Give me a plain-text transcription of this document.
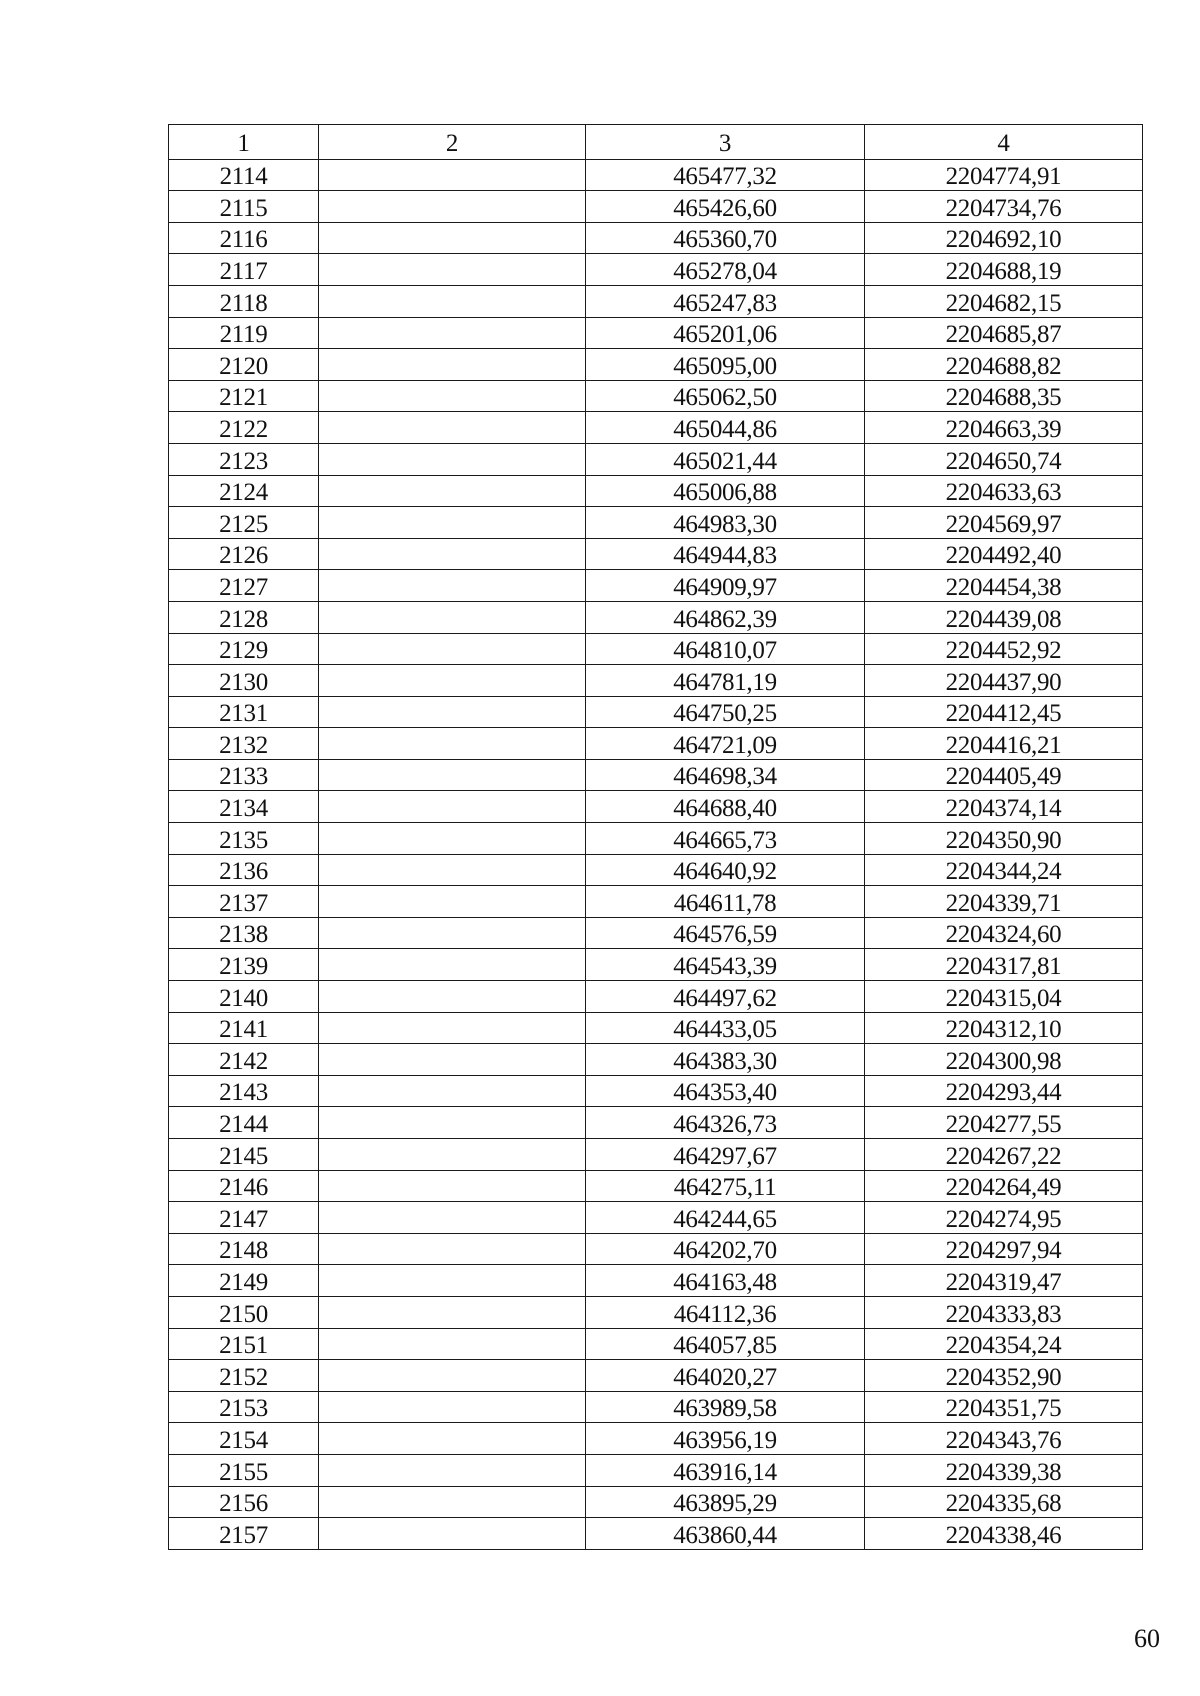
1	2	3	4
2114		465477,32	2204774,91
2115		465426,60	2204734,76
2116		465360,70	2204692,10
2117		465278,04	2204688,19
2118		465247,83	2204682,15
2119		465201,06	2204685,87
2120		465095,00	2204688,82
2121		465062,50	2204688,35
2122		465044,86	2204663,39
2123		465021,44	2204650,74
2124		465006,88	2204633,63
2125		464983,30	2204569,97
2126		464944,83	2204492,40
2127		464909,97	2204454,38
2128		464862,39	2204439,08
2129		464810,07	2204452,92
2130		464781,19	2204437,90
2131		464750,25	2204412,45
2132		464721,09	2204416,21
2133		464698,34	2204405,49
2134		464688,40	2204374,14
2135		464665,73	2204350,90
2136		464640,92	2204344,24
2137		464611,78	2204339,71
2138		464576,59	2204324,60
2139		464543,39	2204317,81
2140		464497,62	2204315,04
2141		464433,05	2204312,10
2142		464383,30	2204300,98
2143		464353,40	2204293,44
2144		464326,73	2204277,55
2145		464297,67	2204267,22
2146		464275,11	2204264,49
2147		464244,65	2204274,95
2148		464202,70	2204297,94
2149		464163,48	2204319,47
2150		464112,36	2204333,83
2151		464057,85	2204354,24
2152		464020,27	2204352,90
2153		463989,58	2204351,75
2154		463956,19	2204343,76
2155		463916,14	2204339,38
2156		463895,29	2204335,68
2157		463860,44	2204338,46
60
